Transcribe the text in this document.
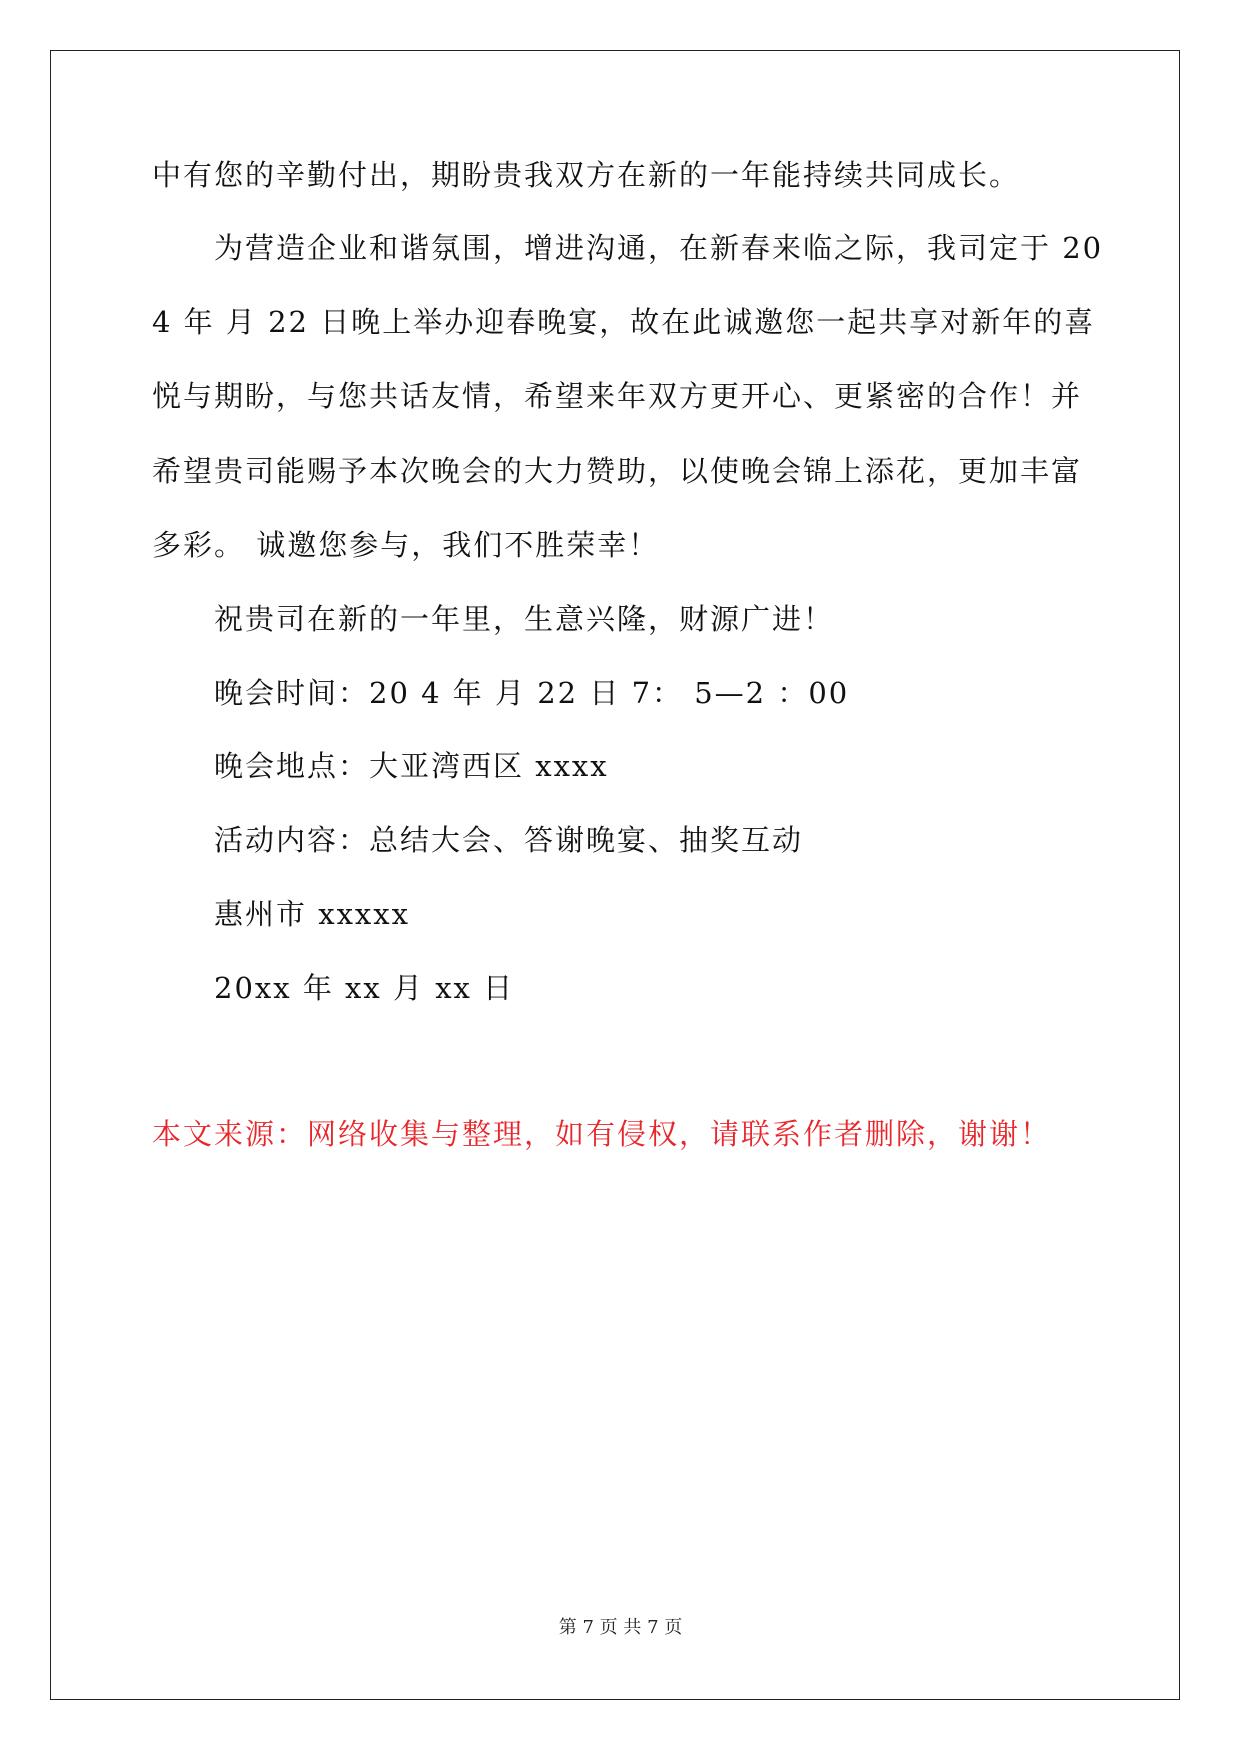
中有您的辛勤付出，期盼贵我双方在新的一年能持续共同成长。
为营造企业和谐氛围，增进沟通，在新春来临之际，我司定于 20
4 年 月 22 日晚上举办迎春晚宴，故在此诚邀您一起共享对新年的喜
悦与期盼，与您共话友情，希望来年双方更开心、更紧密的合作！并
希望贵司能赐予本次晚会的大力赞助，以使晚会锦上添花，更加丰富
多彩。 诚邀您参与，我们不胜荣幸！
祝贵司在新的一年里，生意兴隆，财源广进！
晚会时间：20 4 年 月 22 日 7： 5—2 ：00
晚会地点：大亚湾西区 xxxx
活动内容：总结大会、答谢晚宴、抽奖互动
惠州市 xxxxx
20xx 年 xx 月 xx 日
本文来源：网络收集与整理，如有侵权，请联系作者删除，谢谢！
第 7 页 共 7 页
